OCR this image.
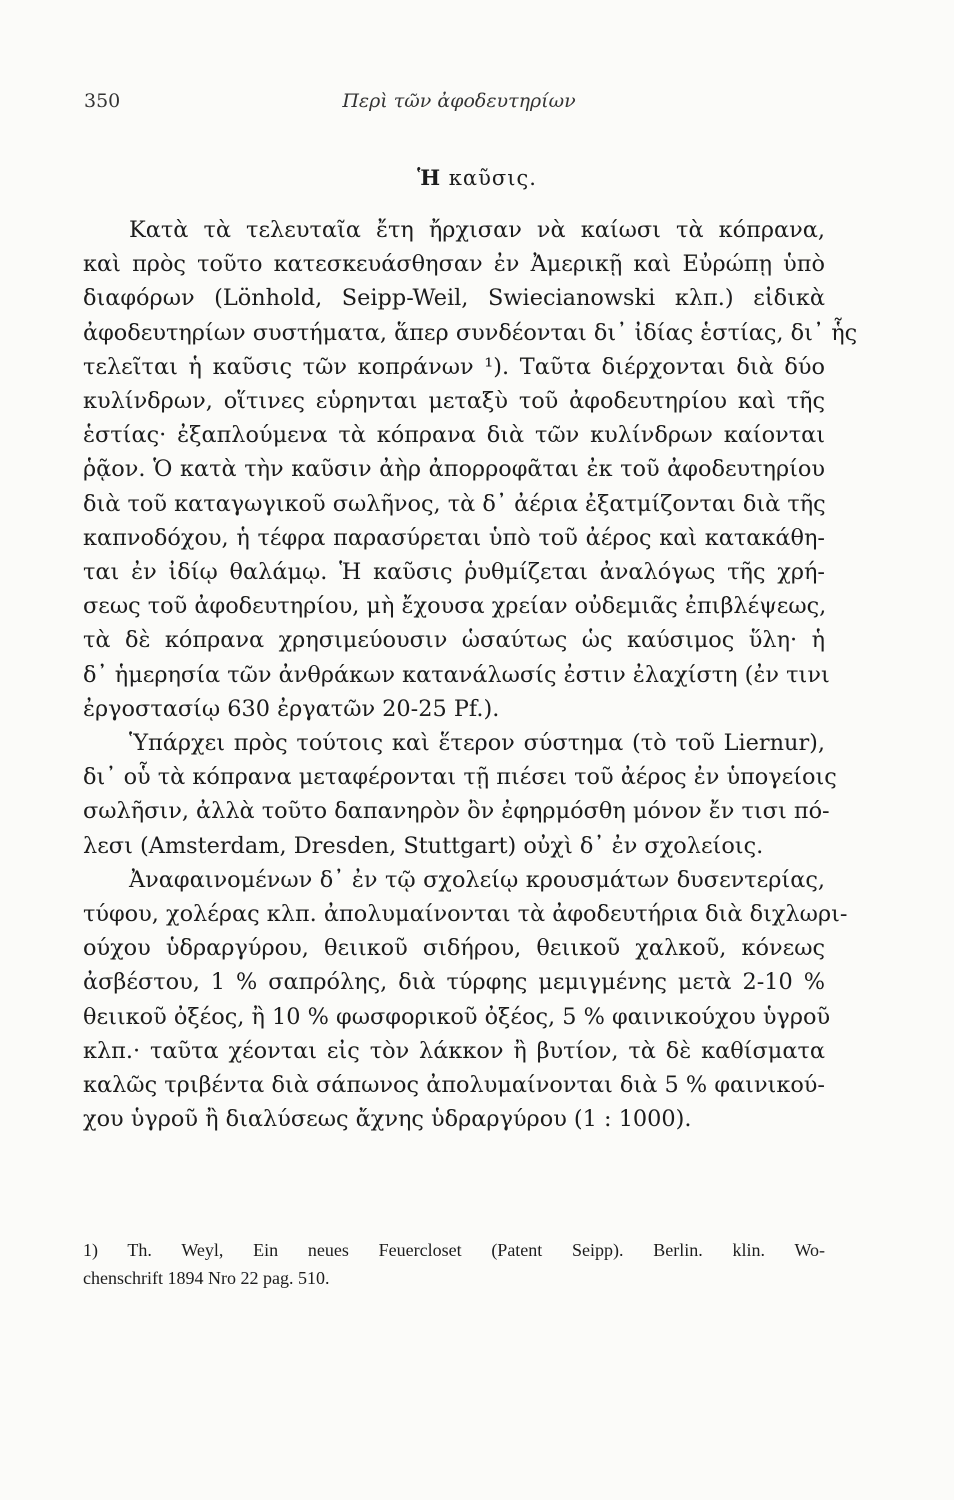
350	Περὶ τῶν ἀφοδευτηρίων
Ἡ καῦσις.
Κατὰ τὰ τελευταῖα ἔτη ἤρχισαν νὰ καίωσι τὰ κόπρανα,
καὶ πρὸς τοῦτο κατεσκευάσθησαν ἐν Ἀμερικῇ καὶ Εὐρώπῃ ὑπὸ
διαφόρων (Lönhold, Seipp-Weil, Swiecianowski κλπ.) εἰδικὰ
ἀφοδευτηρίων συστήματα, ἅπερ συνδέονται δι᾽ ἰδίας ἑστίας, δι᾽ ἧς
τελεῖται ἡ καῦσις τῶν κοπράνων ¹). Ταῦτα διέρχονται διὰ δύο
κυλίνδρων, οἵτινες εὑρηνται μεταξὺ τοῦ ἀφοδευτηρίου καὶ τῆς
ἑστίας· ἐξαπλούμενα τὰ κόπρανα διὰ τῶν κυλίνδρων καίονται
ῥᾷον. Ὁ κατὰ τὴν καῦσιν ἀὴρ ἀπορροφᾶται ἐκ τοῦ ἀφοδευτηρίου
διὰ τοῦ καταγωγικοῦ σωλῆνος, τὰ δ᾽ ἀέρια ἐξατμίζονται διὰ τῆς
καπνοδόχου, ἡ τέφρα παρασύρεται ὑπὸ τοῦ ἀέρος καὶ κατακάθη-
ται ἐν ἰδίῳ θαλάμῳ. Ἡ καῦσις ῥυθμίζεται ἀναλόγως τῆς χρή-
σεως τοῦ ἀφοδευτηρίου, μὴ ἔχουσα χρείαν οὐδεμιᾶς ἐπιβλέψεως,
τὰ δὲ κόπρανα χρησιμεύουσιν ὡσαύτως ὡς καύσιμος ὕλη· ἡ
δ᾽ ἡμερησία τῶν ἀνθράκων κατανάλωσίς ἐστιν ἐλαχίστη (ἐν τινι
ἐργοστασίῳ 630 ἐργατῶν 20-25 Pf.).
Ὑπάρχει πρὸς τούτοις καὶ ἕτερον σύστημα (τὸ τοῦ Liernur),
δι᾽ οὗ τὰ κόπρανα μεταφέρονται τῇ πιέσει τοῦ ἀέρος ἐν ὑπογείοις
σωλῆσιν, ἀλλὰ τοῦτο δαπανηρὸν ὂν ἐφηρμόσθη μόνον ἔν τισι πό-
λεσι (Amsterdam, Dresden, Stuttgart) οὐχὶ δ᾽ ἐν σχολείοις.
Ἀναφαινομένων δ᾽ ἐν τῷ σχολείῳ κρουσμάτων δυσεντερίας,
τύφου, χολέρας κλπ. ἀπολυμαίνονται τὰ ἀφοδευτήρια διὰ διχλωρι-
ούχου ὑδραργύρου, θειικοῦ σιδήρου, θειικοῦ χαλκοῦ, κόνεως
ἀσβέστου, 1 % σαπρόλης, διὰ τύρφης μεμιγμένης μετὰ 2-10 %
θειικοῦ ὀξέος, ἢ 10 % φωσφορικοῦ ὀξέος, 5 % φαινικούχου ὑγροῦ
κλπ.· ταῦτα χέονται εἰς τὸν λάκκον ἢ βυτίον, τὰ δὲ καθίσματα
καλῶς τριβέντα διὰ σάπωνος ἀπολυμαίνονται διὰ 5 % φαινικού-
χου ὑγροῦ ἢ διαλύσεως ἄχνης ὑδραργύρου (1 : 1000).
1) Th. Weyl, Ein neues Feuercloset (Patent Seipp). Berlin. klin. Wo-
chenschrift 1894 Nro 22 pag. 510.
